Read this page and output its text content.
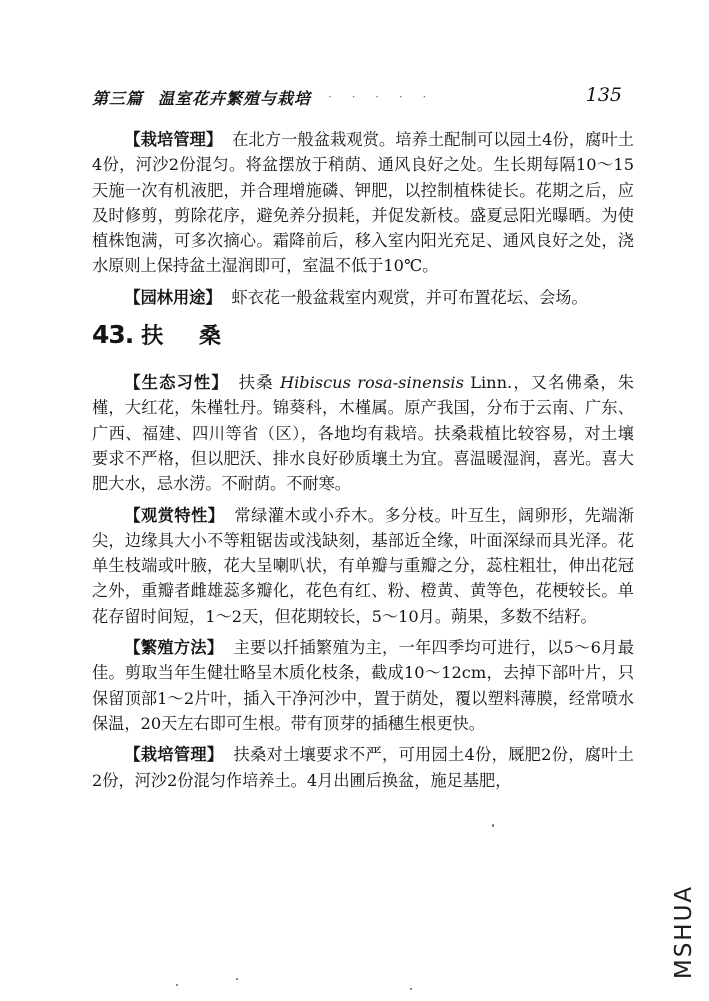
第三篇 温室花卉繁殖与栽培 · · · · ·	135

【栽培管理】 在北方一般盆栽观赏。培养土配制可以园土4份，腐叶土4份，河沙2份混匀。将盆摆放于稍荫、通风良好之处。生长期每隔10～15天施一次有机液肥，并合理增施磷、钾肥，以控制植株徒长。花期之后，应及时修剪，剪除花序，避免养分损耗，并促发新枝。盛夏忌阳光曝晒。为使植株饱满，可多次摘心。霜降前后，移入室内阳光充足、通风良好之处，浇水原则上保持盆土湿润即可，室温不低于10℃。

【园林用途】 虾衣花一般盆栽室内观赏，并可布置花坛、会场。

43. 扶 桑

【生态习性】 扶桑 Hibiscus rosa-sinensis Linn.，又名佛桑，朱槿，大红花，朱槿牡丹。锦葵科，木槿属。原产我国，分布于云南、广东、广西、福建、四川等省（区），各地均有栽培。扶桑栽植比较容易，对土壤要求不严格，但以肥沃、排水良好砂质壤土为宜。喜温暖湿润，喜光。喜大肥大水，忌水涝。不耐荫。不耐寒。

【观赏特性】 常绿灌木或小乔木。多分枝。叶互生，阔卵形，先端渐尖，边缘具大小不等粗锯齿或浅缺刻，基部近全缘，叶面深绿而具光泽。花单生枝端或叶腋，花大呈喇叭状，有单瓣与重瓣之分，蕊柱粗壮，伸出花冠之外，重瓣者雌雄蕊多瓣化，花色有红、粉、橙黄、黄等色，花梗较长。单花存留时间短，1～2天，但花期较长，5～10月。蒴果，多数不结籽。

【繁殖方法】 主要以扦插繁殖为主，一年四季均可进行，以5～6月最佳。剪取当年生健壮略呈木质化枝条，截成10～12cm，去掉下部叶片，只保留顶部1～2片叶，插入干净河沙中，置于荫处，覆以塑料薄膜，经常喷水保温，20天左右即可生根。带有顶芽的插穗生根更快。

【栽培管理】 扶桑对土壤要求不严，可用园土4份，厩肥2份，腐叶土2份，河沙2份混匀作培养土。4月出圃后换盆，施足基肥，

MSHUA
